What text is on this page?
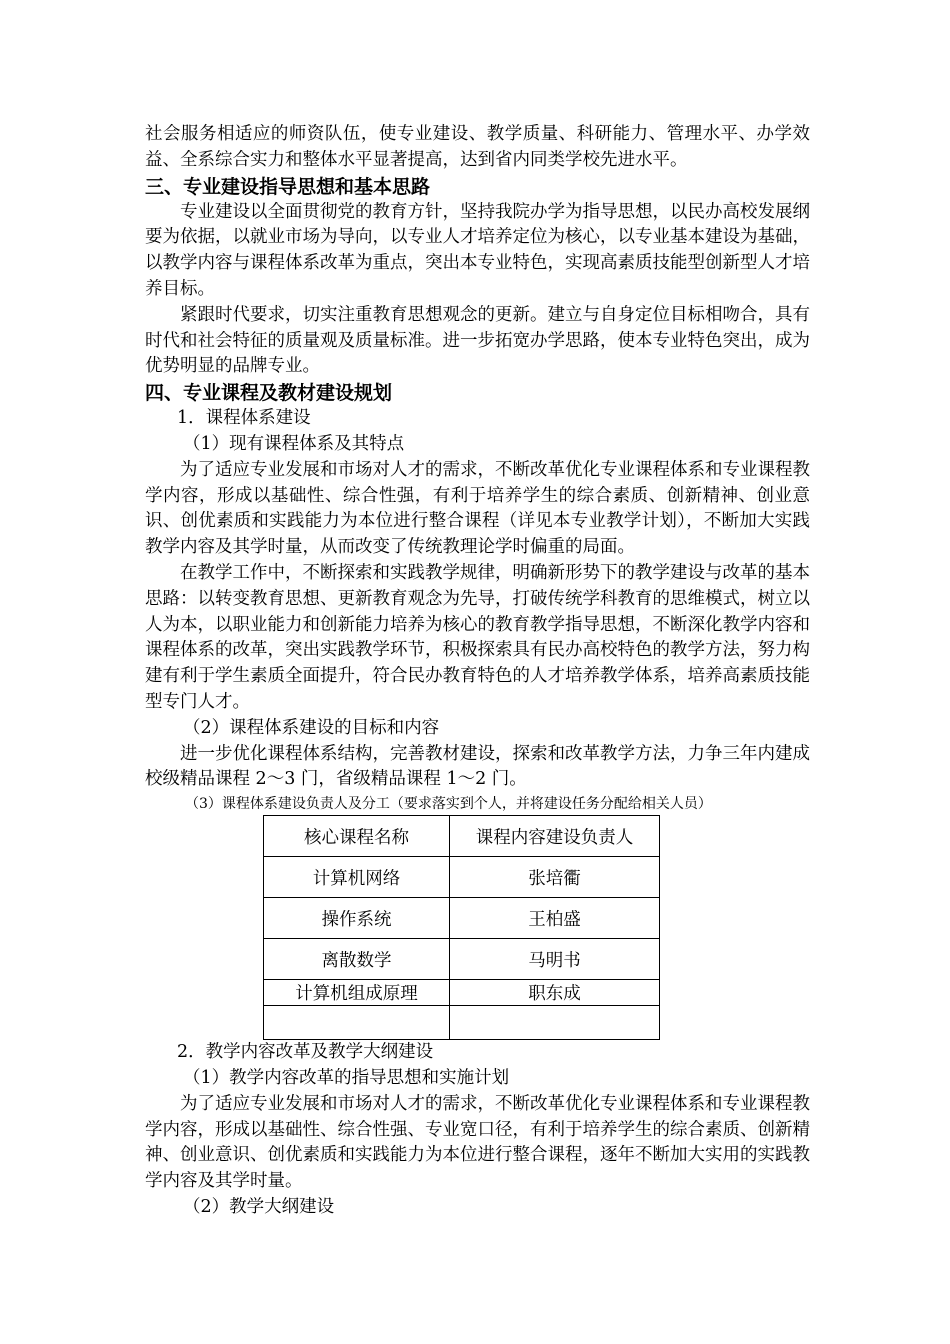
社会服务相适应的师资队伍，使专业建设、教学质量、科研能力、管理水平、办学效益、全系综合实力和整体水平显著提高，达到省内同类学校先进水平。

三、专业建设指导思想和基本思路

专业建设以全面贯彻党的教育方针，坚持我院办学为指导思想，以民办高校发展纲要为依据，以就业市场为导向，以专业人才培养定位为核心，以专业基本建设为基础，以教学内容与课程体系改革为重点，突出本专业特色，实现高素质技能型创新型人才培养目标。

紧跟时代要求，切实注重教育思想观念的更新。建立与自身定位目标相吻合，具有时代和社会特征的质量观及质量标准。进一步拓宽办学思路，使本专业特色突出，成为优势明显的品牌专业。

四、专业课程及教材建设规划

1．课程体系建设

（1）现有课程体系及其特点

为了适应专业发展和市场对人才的需求，不断改革优化专业课程体系和专业课程教学内容，形成以基础性、综合性强，有利于培养学生的综合素质、创新精神、创业意识、创优素质和实践能力为本位进行整合课程（详见本专业教学计划），不断加大实践教学内容及其学时量，从而改变了传统教理论学时偏重的局面。

在教学工作中，不断探索和实践教学规律，明确新形势下的教学建设与改革的基本思路：以转变教育思想、更新教育观念为先导，打破传统学科教育的思维模式，树立以人为本，以职业能力和创新能力培养为核心的教育教学指导思想，不断深化教学内容和课程体系的改革，突出实践教学环节，积极探索具有民办高校特色的教学方法，努力构建有利于学生素质全面提升，符合民办教育特色的人才培养教学体系，培养高素质技能型专门人才。

（2）课程体系建设的目标和内容

进一步优化课程体系结构，完善教材建设，探索和改革教学方法，力争三年内建成校级精品课程 2～3 门，省级精品课程 1～2 门。

（3）课程体系建设负责人及分工（要求落实到个人，并将建设任务分配给相关人员）

核心课程名称	课程内容建设负责人
计算机网络	张培衢
操作系统	王柏盛
离散数学	马明书
计算机组成原理	职东成

2．教学内容改革及教学大纲建设

（1）教学内容改革的指导思想和实施计划

为了适应专业发展和市场对人才的需求，不断改革优化专业课程体系和专业课程教学内容，形成以基础性、综合性强、专业宽口径，有利于培养学生的综合素质、创新精神、创业意识、创优素质和实践能力为本位进行整合课程，逐年不断加大实用的实践教学内容及其学时量。

（2）教学大纲建设
